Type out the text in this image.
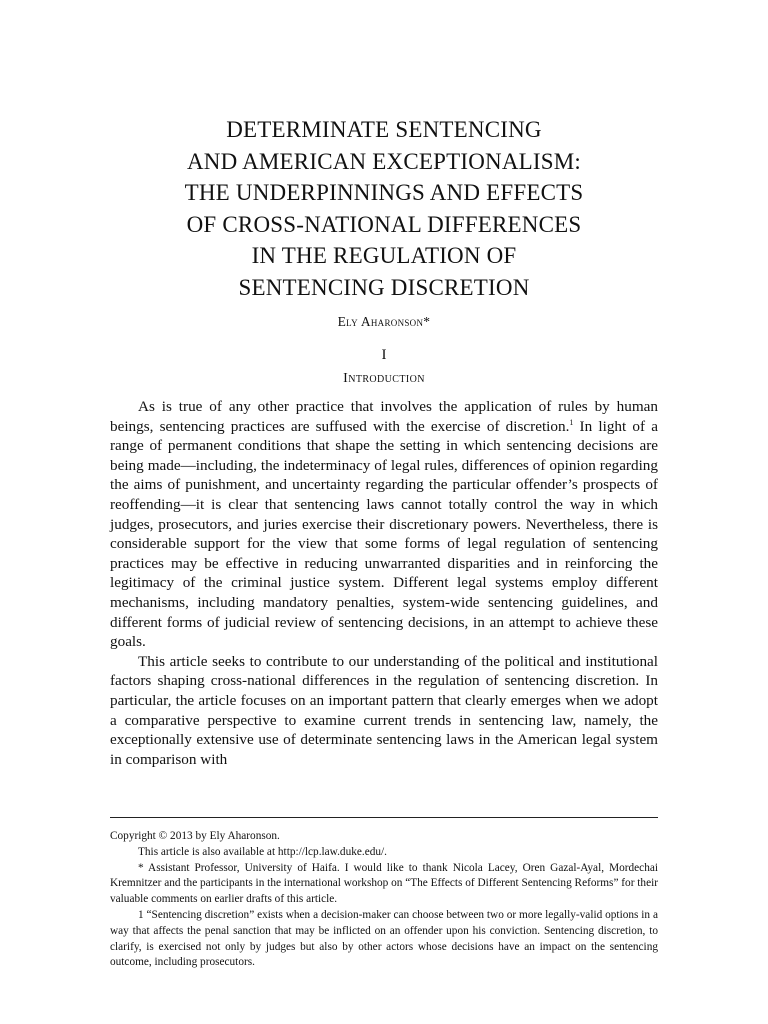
DETERMINATE SENTENCING
AND AMERICAN EXCEPTIONALISM:
THE UNDERPINNINGS AND EFFECTS
OF CROSS-NATIONAL DIFFERENCES
IN THE REGULATION OF
SENTENCING DISCRETION
Ely Aharonson*
I
Introduction

As is true of any other practice that involves the application of rules by human beings, sentencing practices are suffused with the exercise of discretion.$^1$ In light of a range of permanent conditions that shape the setting in which sentencing decisions are being made—including, the indeterminacy of legal rules, differences of opinion regarding the aims of punishment, and uncertainty regarding the particular offender’s prospects of reoffending—it is clear that sentencing laws cannot totally control the way in which judges, prosecutors, and juries exercise their discretionary powers. Nevertheless, there is considerable support for the view that some forms of legal regulation of sentencing practices may be effective in reducing unwarranted disparities and in reinforcing the legitimacy of the criminal justice system. Different legal systems employ different mechanisms, including mandatory penalties, system-wide sentencing guidelines, and different forms of judicial review of sentencing decisions, in an attempt to achieve these goals.

This article seeks to contribute to our understanding of the political and institutional factors shaping cross-national differences in the regulation of sentencing discretion. In particular, the article focuses on an important pattern that clearly emerges when we adopt a comparative perspective to examine current trends in sentencing law, namely, the exceptionally extensive use of determinate sentencing laws in the American legal system in comparison with

Copyright © 2013 by Ely Aharonson.
This article is also available at http://lcp.law.duke.edu/.
* Assistant Professor, University of Haifa. I would like to thank Nicola Lacey, Oren Gazal-Ayal, Mordechai Kremnitzer and the participants in the international workshop on “The Effects of Different Sentencing Reforms” for their valuable comments on earlier drafts of this article.
1 “Sentencing discretion” exists when a decision-maker can choose between two or more legally-valid options in a way that affects the penal sanction that may be inflicted on an offender upon his conviction. Sentencing discretion, to clarify, is exercised not only by judges but also by other actors whose decisions have an impact on the sentencing outcome, including prosecutors.
